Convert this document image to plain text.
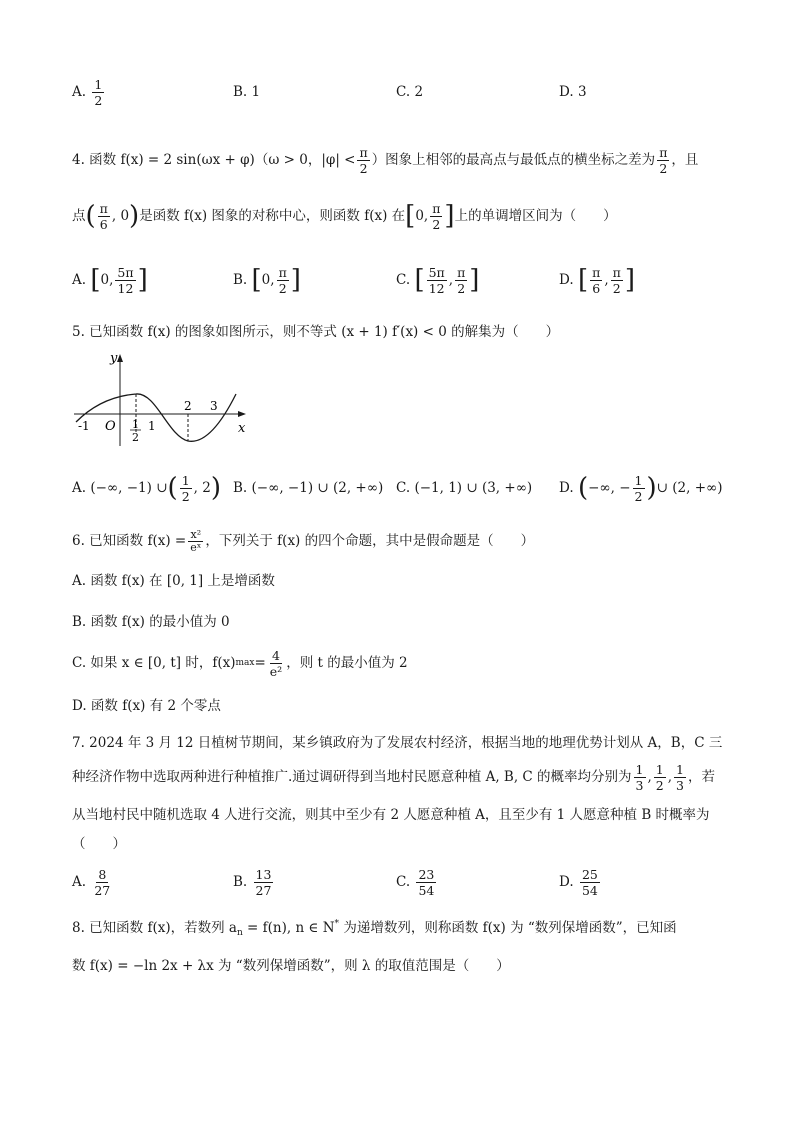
A.
$\frac{1}{2}$	B.
1	C.
2	D.
3
4. 函数 f(x) = 2 sin(ωx + φ)（ω > 0，$|\varphi| < \frac{\pi}{2}$ ）图象上相邻的最高点与最低点的横坐标之差为 $\frac{\pi}{2}$ ，且
点 ( $\frac{\pi}{6}$ , 0 ) 是函数 f(x) 图象的对称中心，则函数 f(x) 在 [ 0, $\frac{\pi}{2}$ ] 上的单调增区间为（　　）
A.
[ 0, $\frac{5\pi}{12}$ ]	B.
[ 0, $\frac{\pi}{2}$ ]	C.
[ $\frac{5\pi}{12}$ , $\frac{\pi}{2}$ ]	D.
[ $\frac{\pi}{6}$ , $\frac{\pi}{2}$ ]
5. 已知函数 f(x) 的图象如图所示，则不等式 (x + 1) f′(x) < 0 的解集为（　　）
y
x
O
-1	1
2
1
2 3
A.
(−∞, −1) ∪ ( $\frac{1}{2}$ , 2 ) B.
(−∞, −1) ∪ (2, +∞) C.
(−1, 1) ∪ (3, +∞) D.
( −∞, − $\frac{1}{2}$ ) ∪ (2, +∞)
6. 已知函数 $f(x) = \frac{\text{x²}}{\text{eˣ}}$ ，下列关于 f(x) 的四个命题，其中是假命题是（　　）
A. 函数 f(x) 在 [0, 1] 上是增函数
B. 函数 f(x) 的最小值为 0
C. 如果 x ∈ [0, t] 时，f(x) $\max = \frac{4}{\text{e²}}$ ，则 t 的最小值为 2
D. 函数 f(x) 有 2 个零点
7. 2024 年 3 月 12 日植树节期间，某乡镇政府为了发展农村经济，根据当地的地理优势计划从 A，B，C 三
种经济作物中选取两种进行种植推广.通过调研得到当地村民愿意种植 A, B, C 的概率均分别为 $\frac{1}{3}$ , $\frac{1}{2}$ , $\frac{1}{3}$ ，若
从当地村民中随机选取 4 人进行交流，则其中至少有 2 人愿意种植 A，且至少有 1 人愿意种植 B 时概率为
（　　）
A.
$\frac{8}{27}$	B.
$\frac{13}{27}$	C.
$\frac{23}{54}$	D.
$\frac{25}{54}$
8. 已知函数 f(x)，若数列 $a_n = f(n)$, n ∈ N* 为递增数列，则称函数 f(x) 为 “数列保增函数”，已知函
数 f(x) = −ln 2x + λx 为 “数列保增函数”，则 λ 的取值范围是（　　）
